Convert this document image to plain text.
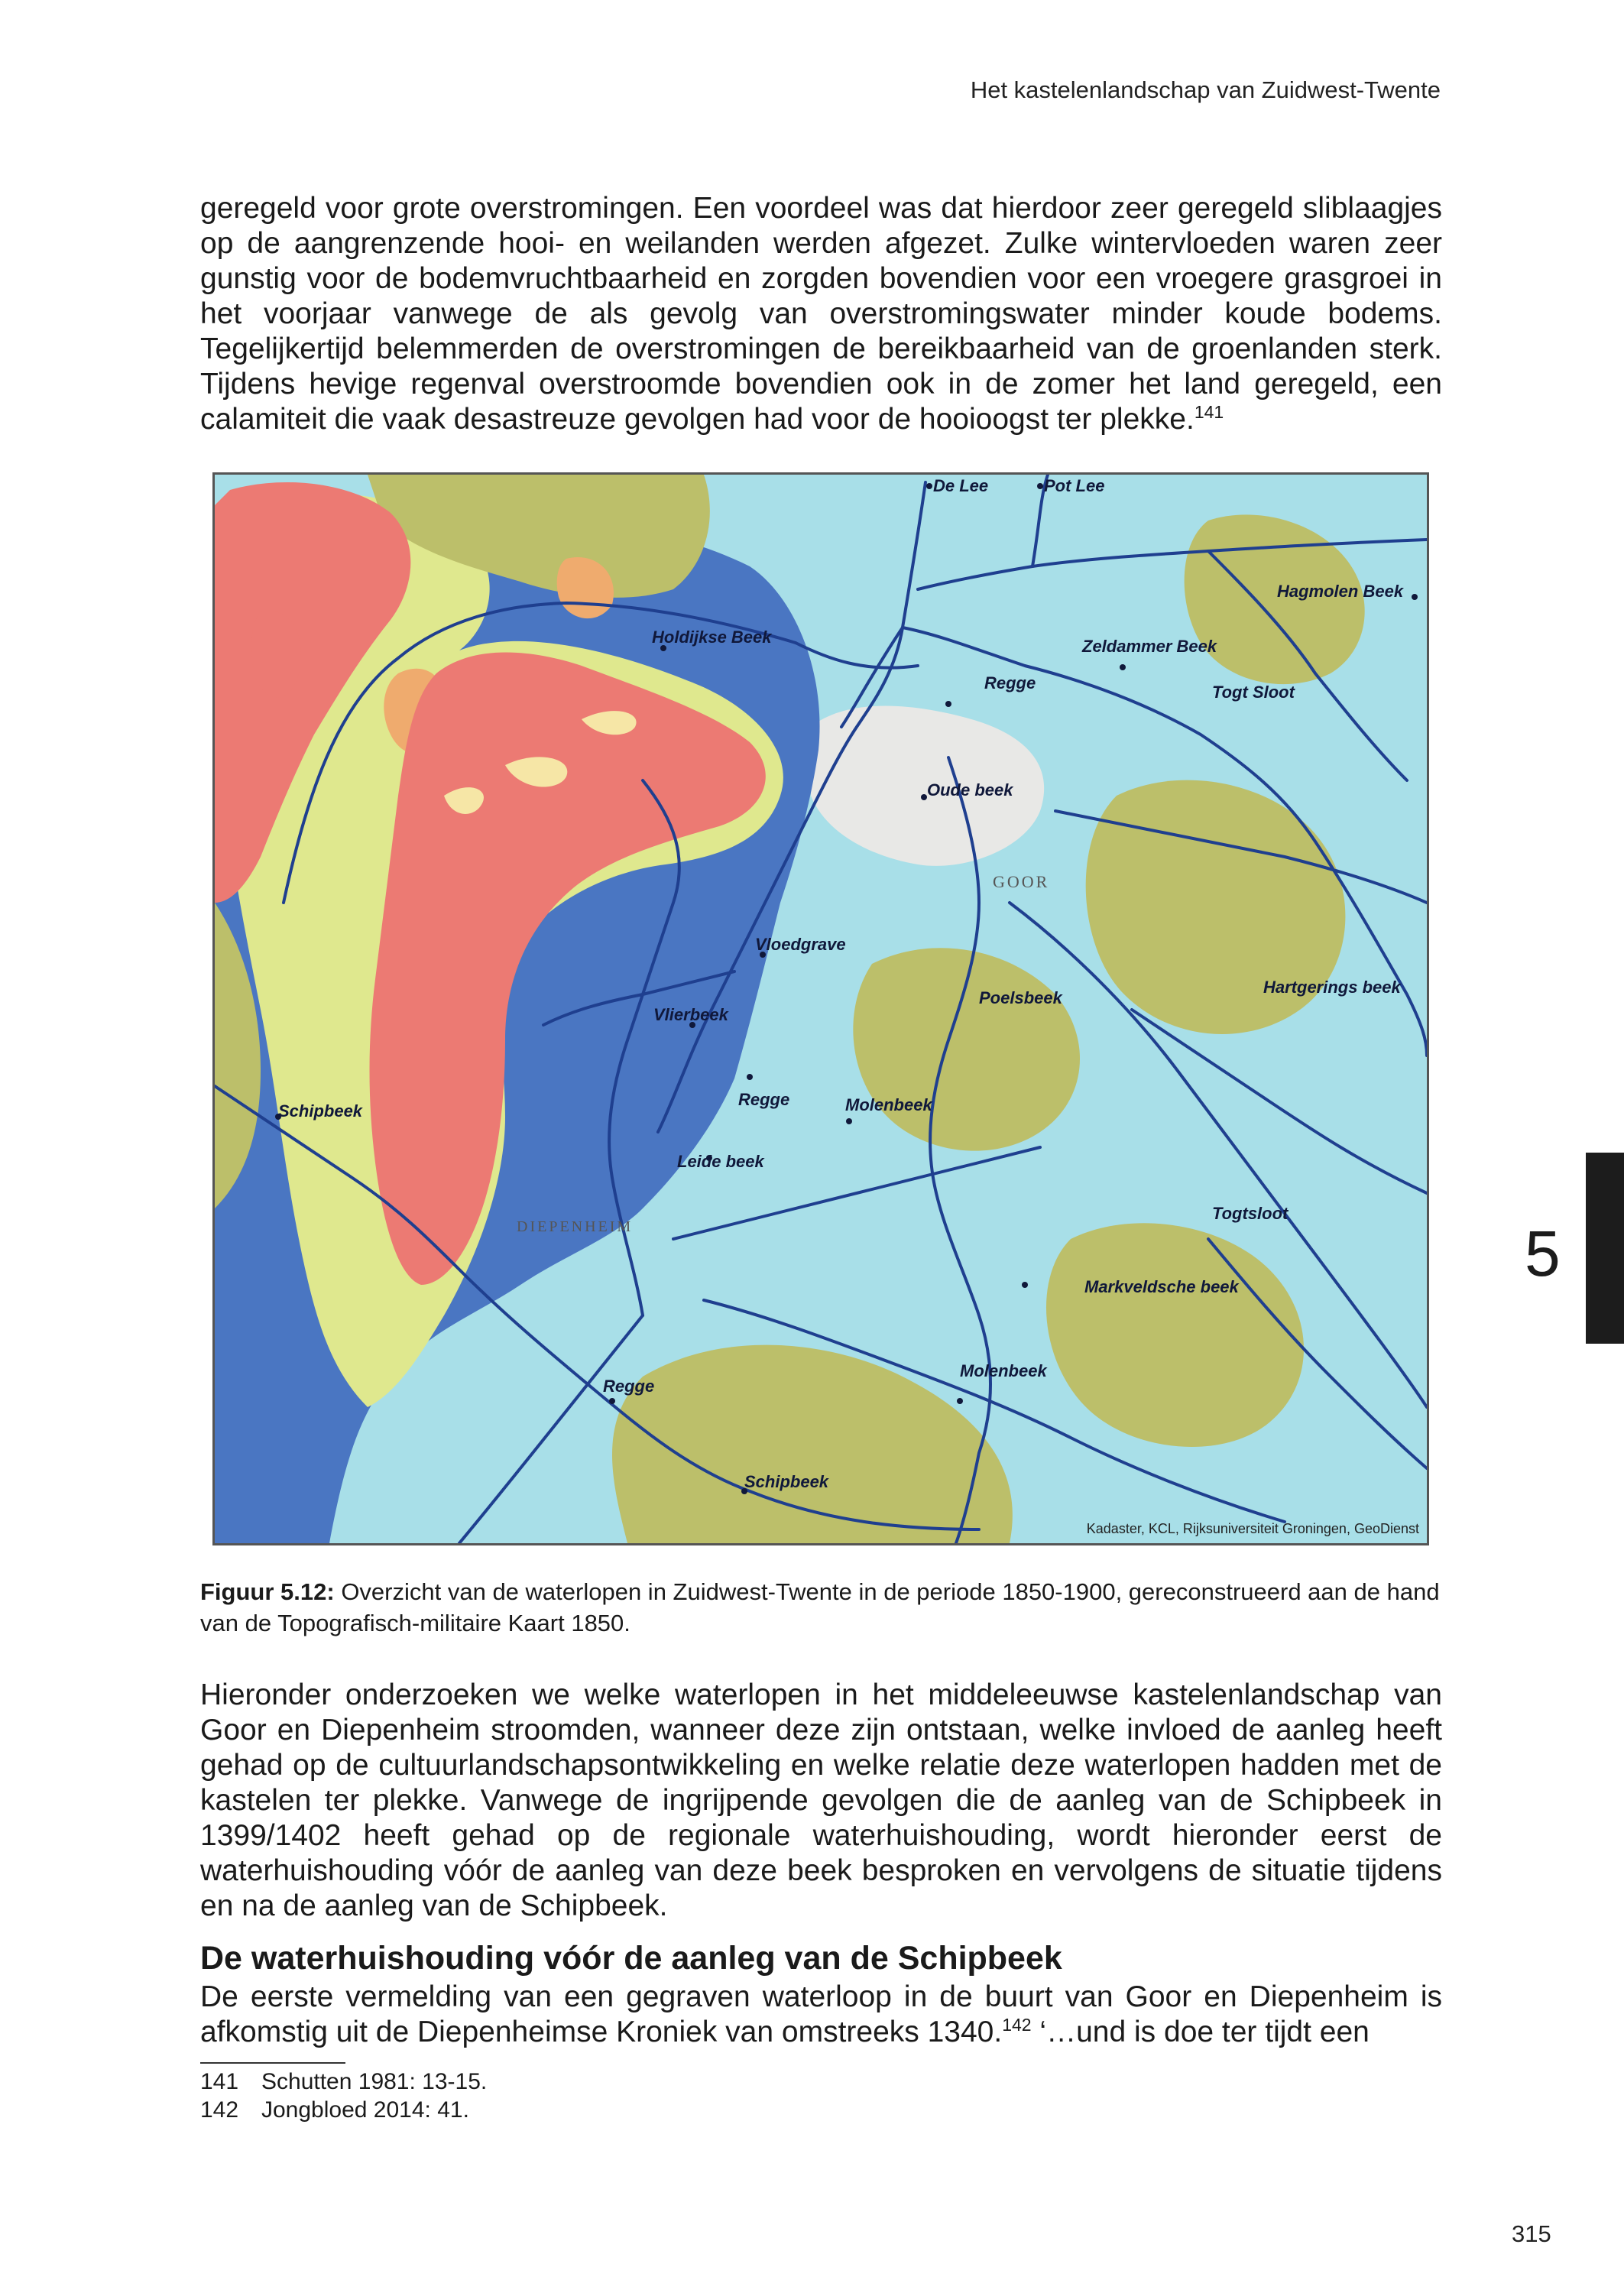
Het kastelenlandschap van Zuidwest-Twente

geregeld voor grote overstromingen. Een voordeel was dat hierdoor zeer geregeld sliblaagjes op de aangrenzende hooi- en weilanden werden afgezet. Zulke wintervloeden waren zeer gunstig voor de bodemvruchtbaarheid en zorgden bovendien voor een vroegere grasgroei in het voorjaar vanwege de als gevolg van overstromingswater minder koude bodems. Tegelijkertijd belemmerden de overstromingen de bereikbaarheid van de groenlanden sterk. Tijdens hevige regenval overstroomde bovendien ook in de zomer het land geregeld, een calamiteit die vaak desastreuze gevolgen had voor de hooioogst ter plekke.$^{141}$

De Lee	Pot Lee
Hagmolen Beek
Holdijkse Beek	Zeldammer Beek
Regge	Togt Sloot
Oude beek
GOOR
Vloedgrave
Poelsbeek
Hartgerings beek
Vlierbeek
Regge	Molenbeek
Schipbeek
Leide beek
DIEPENHEIM
Togtsloot
Markveldsche beek
Regge
Molenbeek
Schipbeek
Kadaster, KCL, Rijksuniversiteit Groningen, GeoDienst

Figuur 5.12: Overzicht van de waterlopen in Zuidwest-Twente in de periode 1850-1900, gereconstrueerd aan de hand van de Topografisch-militaire Kaart 1850.

Hieronder onderzoeken we welke waterlopen in het middeleeuwse kastelenlandschap van Goor en Diepenheim stroomden, wanneer deze zijn ontstaan, welke invloed de aanleg heeft gehad op de cultuurlandschapsontwikkeling en welke relatie deze waterlopen hadden met de kastelen ter plekke. Vanwege de ingrijpende gevolgen die de aanleg van de Schipbeek in 1399/1402 heeft gehad op de regionale waterhuishouding, wordt hieronder eerst de waterhuishouding vóór de aanleg van deze beek besproken en vervolgens de situatie tijdens en na de aanleg van de Schipbeek.

De waterhuishouding vóór de aanleg van de Schipbeek

De eerste vermelding van een gegraven waterloop in de buurt van Goor en Diepenheim is afkomstig uit de Diepenheimse Kroniek van omstreeks 1340.$^{142}$ ‘…und is doe ter tijdt een

141 Schutten 1981: 13-15.
142 Jongbloed 2014: 41.
5
315
